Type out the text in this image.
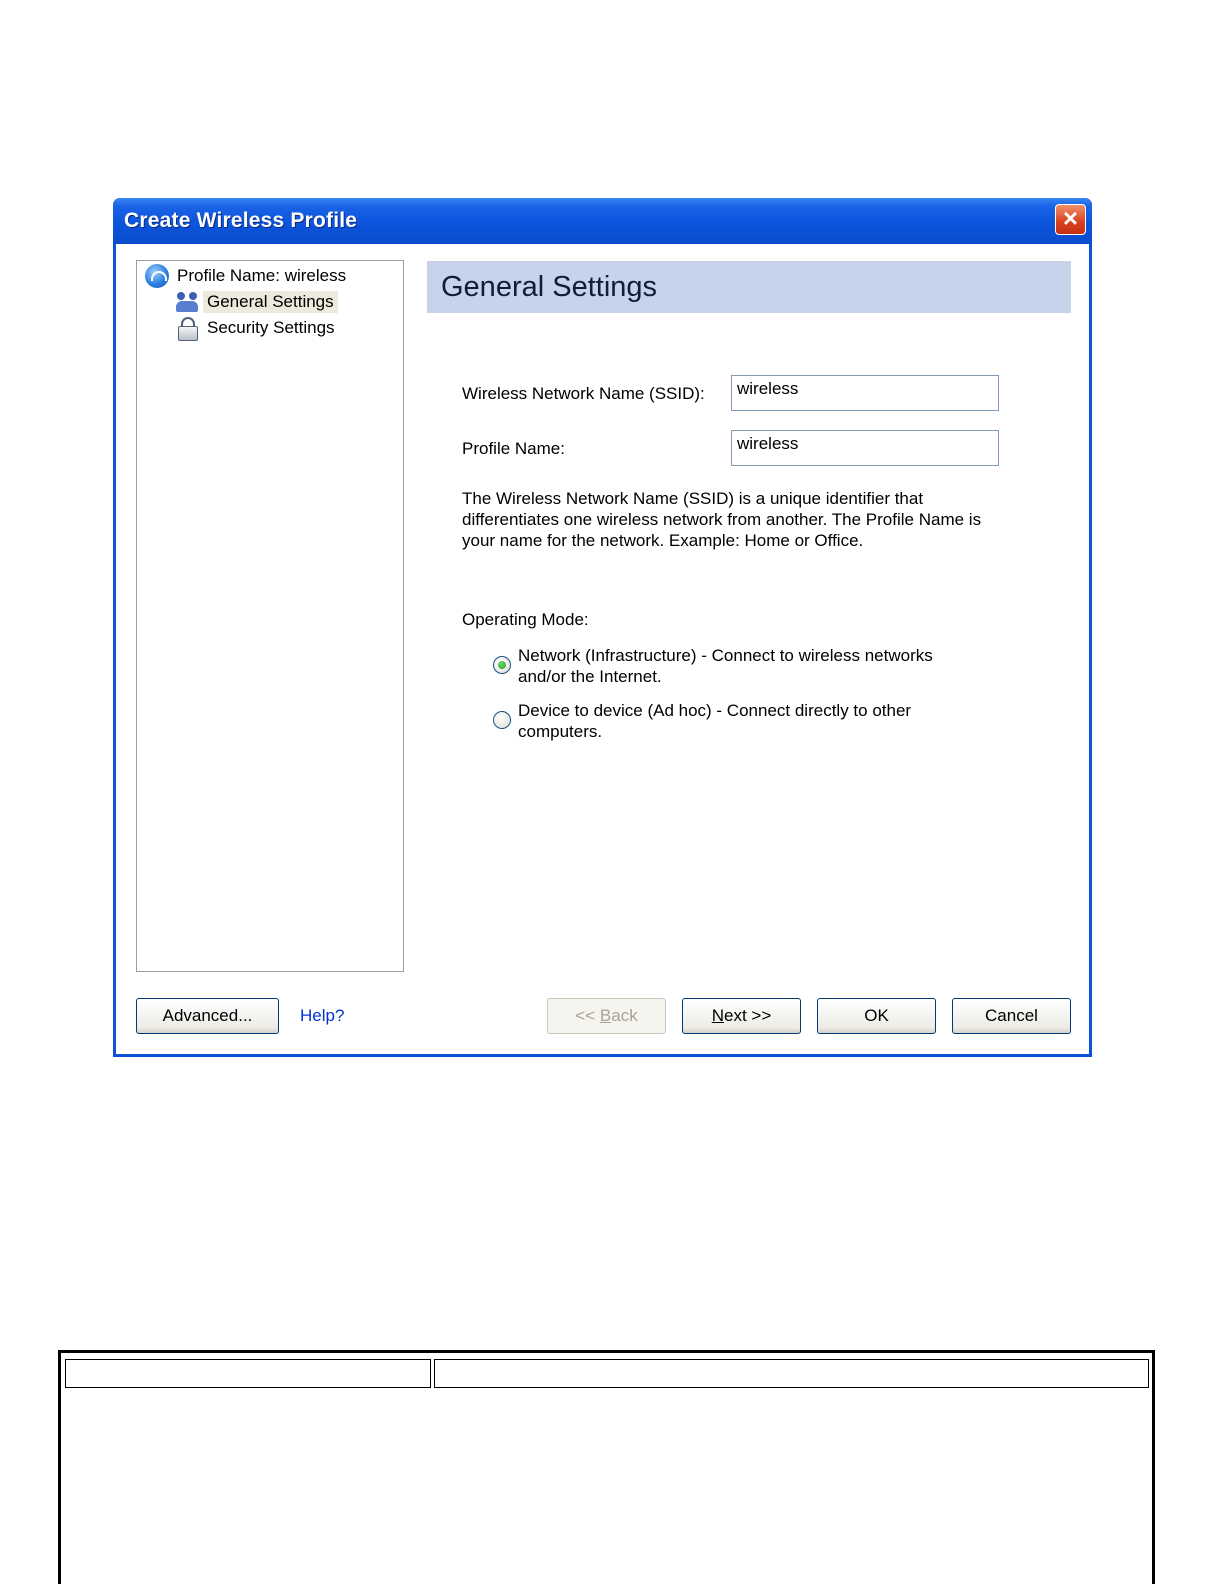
Create Wireless Profile	×
Profile Name: wireless
General Settings
Security Settings
General Settings
Wireless Network Name (SSID):
wireless
Profile Name:
wireless
The Wireless Network Name (SSID) is a unique identifier that differentiates one wireless network from another. The Profile Name is your name for the network. Example: Home or Office.
Operating Mode:
Network (Infrastructure) - Connect to wireless networks and/or the Internet.
Device to device (Ad hoc) - Connect directly to other computers.
Advanced...	Help?	<< Back	Next >>	OK	Cancel
